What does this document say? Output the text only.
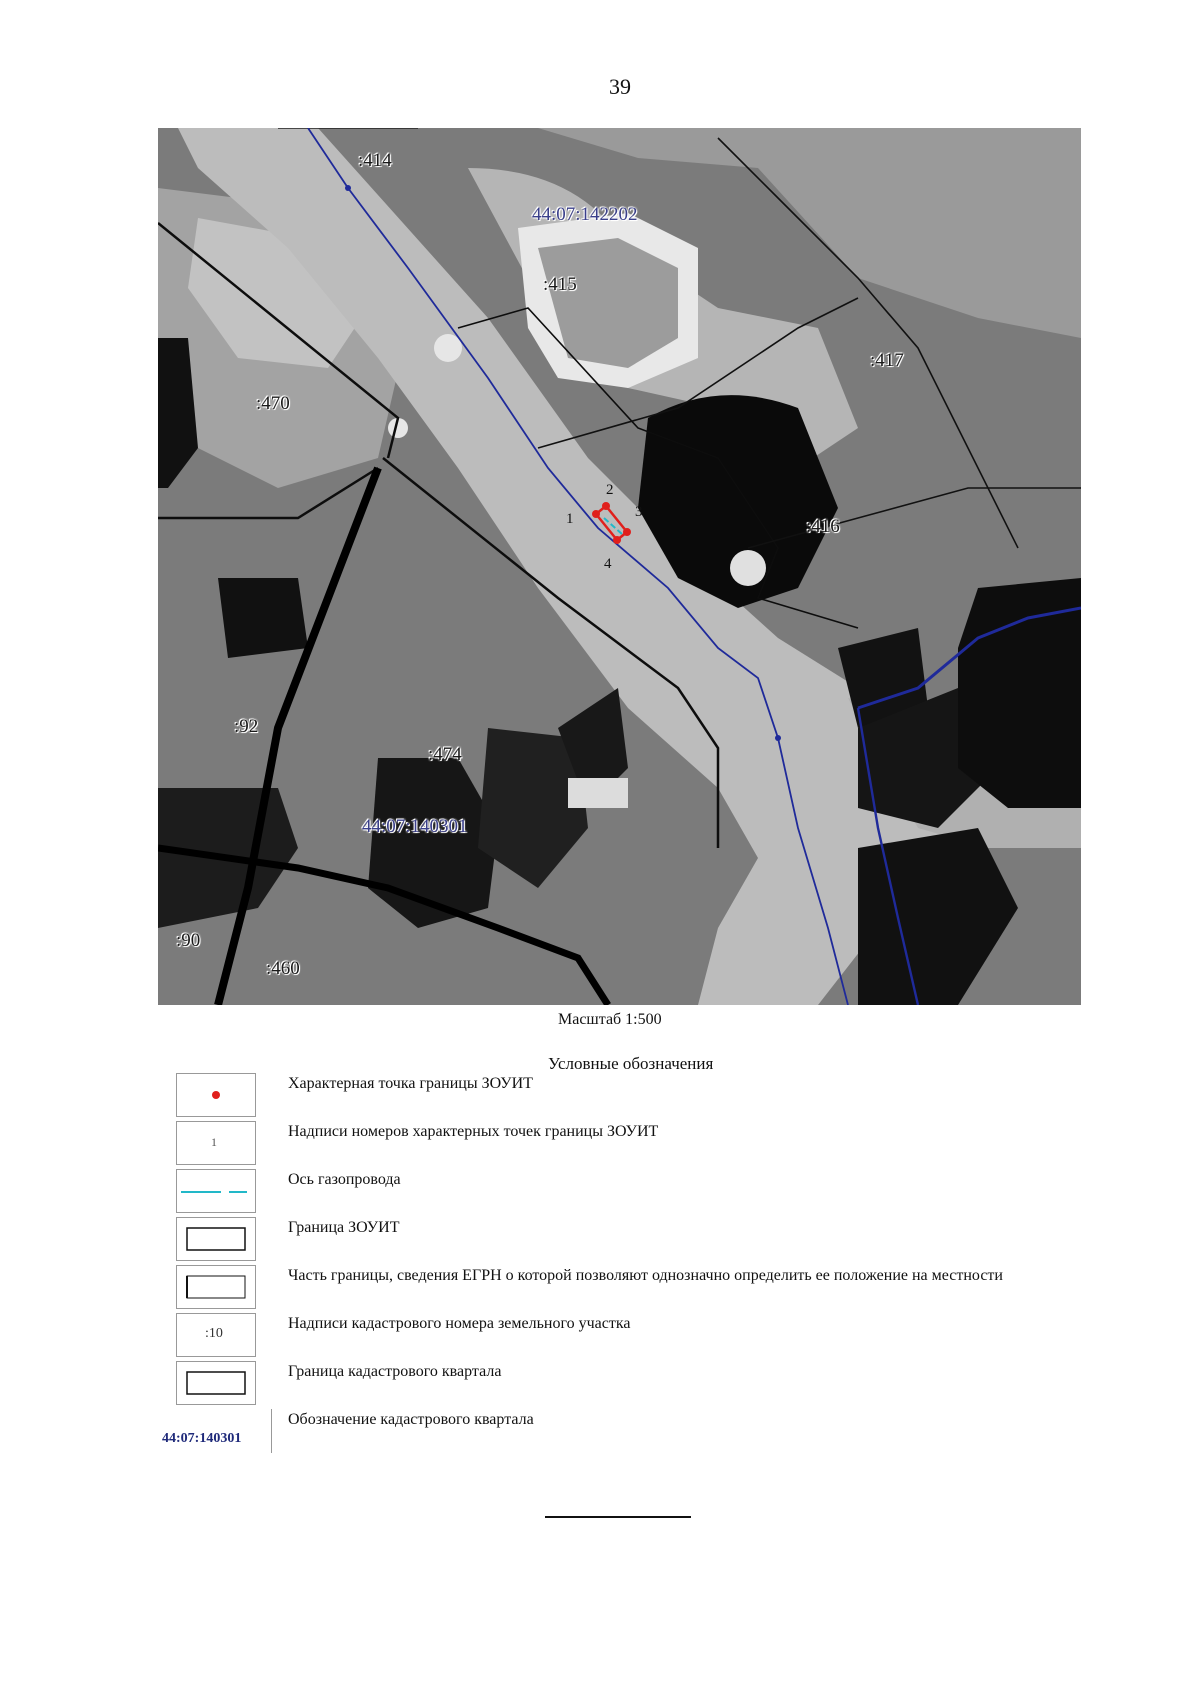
39
:414
44:07:142202
:415
:417
:470
:416
:92
:474
44:07:140301
:90
:460
1
2
3
4
Масштаб 1:500
Условные обозначения
Характерная точка границы ЗОУИТ
1
Надписи номеров характерных точек границы ЗОУИТ
Ось газопровода
Граница ЗОУИТ
Часть границы, сведения ЕГРН о которой позволяют однозначно определить ее положение на местности
:10
Надписи кадастрового номера земельного участка
Граница кадастрового квартала
44:07:140301
Обозначение кадастрового квартала
